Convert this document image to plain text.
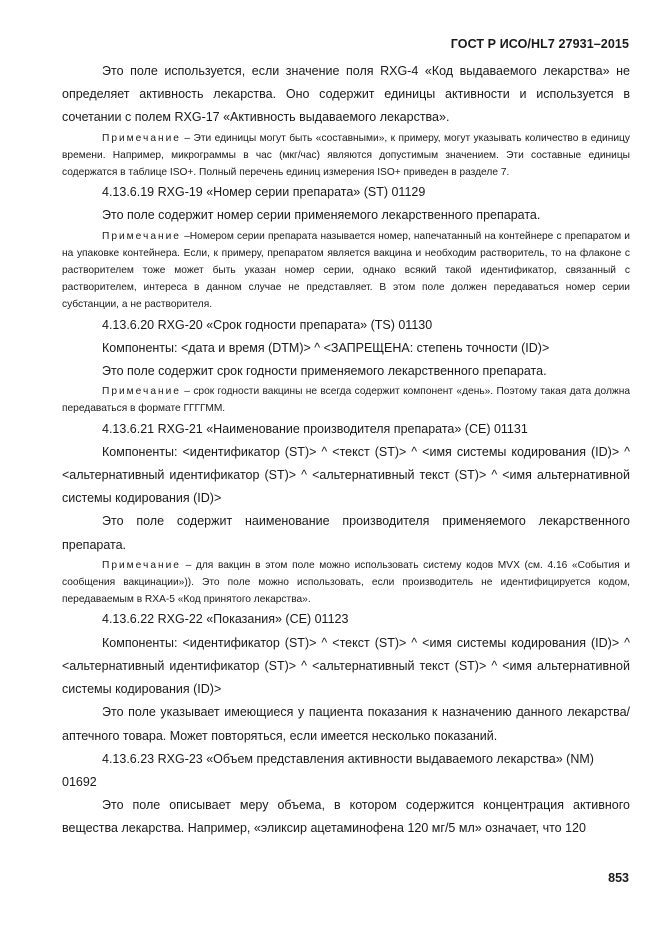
ГОСТ Р ИСО/HL7 27931–2015

Это поле используется, если значение поля RXG-4 «Код выдаваемого лекарства» не определяет активность лекарства. Оно содержит единицы активности и используется в сочетании с полем RXG-17 «Активность выдаваемого лекарства».

Примечание – Эти единицы могут быть «составными», к примеру, могут указывать количество в единицу времени. Например, микрограммы в час (мкг/час) являются допустимым значением. Эти составные единицы содержатся в таблице ISO+. Полный перечень единиц измерения ISO+ приведен в разделе 7.

4.13.6.19 RXG-19 «Номер серии препарата» (ST) 01129

Это поле содержит номер серии применяемого лекарственного препарата.

Примечание –Номером серии препарата называется номер, напечатанный на контейнере с препаратом и на упаковке контейнера. Если, к примеру, препаратом является вакцина и необходим растворитель, то на флаконе с растворителем тоже может быть указан номер серии, однако всякий такой идентификатор, связанный с растворителем, интереса в данном случае не представляет. В этом поле должен передаваться номер серии субстанции, а не растворителя.

4.13.6.20 RXG-20 «Срок годности препарата» (TS) 01130

Компоненты: <дата и время (DTM)> ^ <ЗАПРЕЩЕНА: степень точности (ID)>

Это поле содержит срок годности применяемого лекарственного препарата.

Примечание – срок годности вакцины не всегда содержит компонент «день». Поэтому такая дата должна передаваться в формате ГГГГММ.

4.13.6.21 RXG-21 «Наименование производителя препарата» (CE) 01131

Компоненты: <идентификатор (ST)> ^ <текст (ST)> ^ <имя системы кодирования (ID)> ^ <альтернативный идентификатор (ST)> ^ <альтернативный текст (ST)> ^ <имя альтернативной системы кодирования (ID)>

Это поле содержит наименование производителя применяемого лекарственного препарата.

Примечание – для вакцин в этом поле можно использовать систему кодов MVX (см. 4.16 «События и сообщения вакцинации»)). Это поле можно использовать, если производитель не идентифицируется кодом, передаваемым в RXA-5 «Код принятого лекарства».

4.13.6.22 RXG-22 «Показания» (CE) 01123

Компоненты: <идентификатор (ST)> ^ <текст (ST)> ^ <имя системы кодирования (ID)> ^ <альтернативный идентификатор (ST)> ^ <альтернативный текст (ST)> ^ <имя альтернативной системы кодирования (ID)>

Это поле указывает имеющиеся у пациента показания к назначению данного лекарства/аптечного товара. Может повторяться, если имеется несколько показаний.

4.13.6.23 RXG-23 «Объем представления активности выдаваемого лекарства» (NM) 01692

Это поле описывает меру объема, в котором содержится концентрация активного вещества лекарства. Например, «эликсир ацетаминофена 120 мг/5 мл» означает, что 120

853
